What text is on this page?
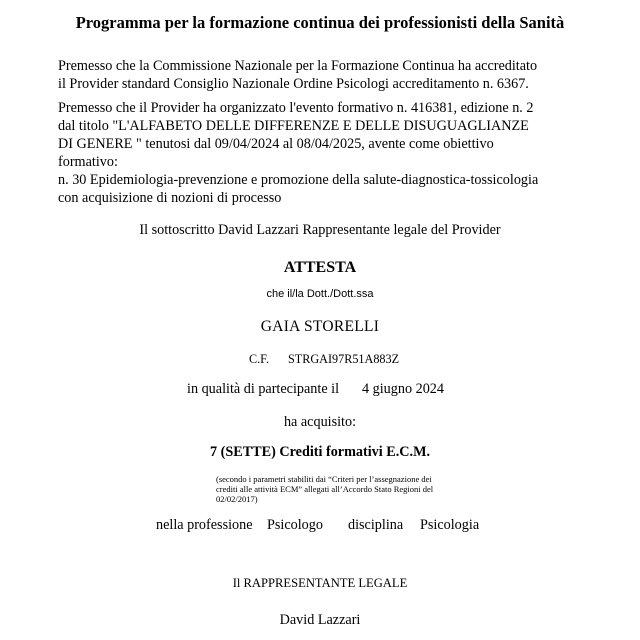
Programma per la formazione continua dei professionisti della Sanità
Premesso che la Commissione Nazionale per la Formazione Continua ha accreditato
il Provider standard Consiglio Nazionale Ordine Psicologi accreditamento n. 6367.
Premesso che il Provider ha organizzato l'evento formativo n. 416381, edizione n. 2
dal titolo "L'ALFABETO DELLE DIFFERENZE E DELLE DISUGUAGLIANZE
DI GENERE " tenutosi dal 09/04/2024 al 08/04/2025, avente come obiettivo
formativo:
n. 30 Epidemiologia-prevenzione e promozione della salute-diagnostica-tossicologia
con acquisizione di nozioni di processo
Il sottoscritto David Lazzari Rappresentante legale del Provider
ATTESTA
che il/la Dott./Dott.ssa
GAIA STORELLI
C.F. STRGAI97R51A883Z
in qualità di partecipante il 4 giugno 2024
ha acquisito:
7 (SETTE) Crediti formativi E.C.M.
(secondo i parametri stabiliti dai “Criteri per l’assegnazione dei
crediti alle attività ECM” allegati all’Accordo Stato Regioni del
02/02/2017)
nella professione Psicologo disciplina Psicologia
Il RAPPRESENTANTE LEGALE
David Lazzari
